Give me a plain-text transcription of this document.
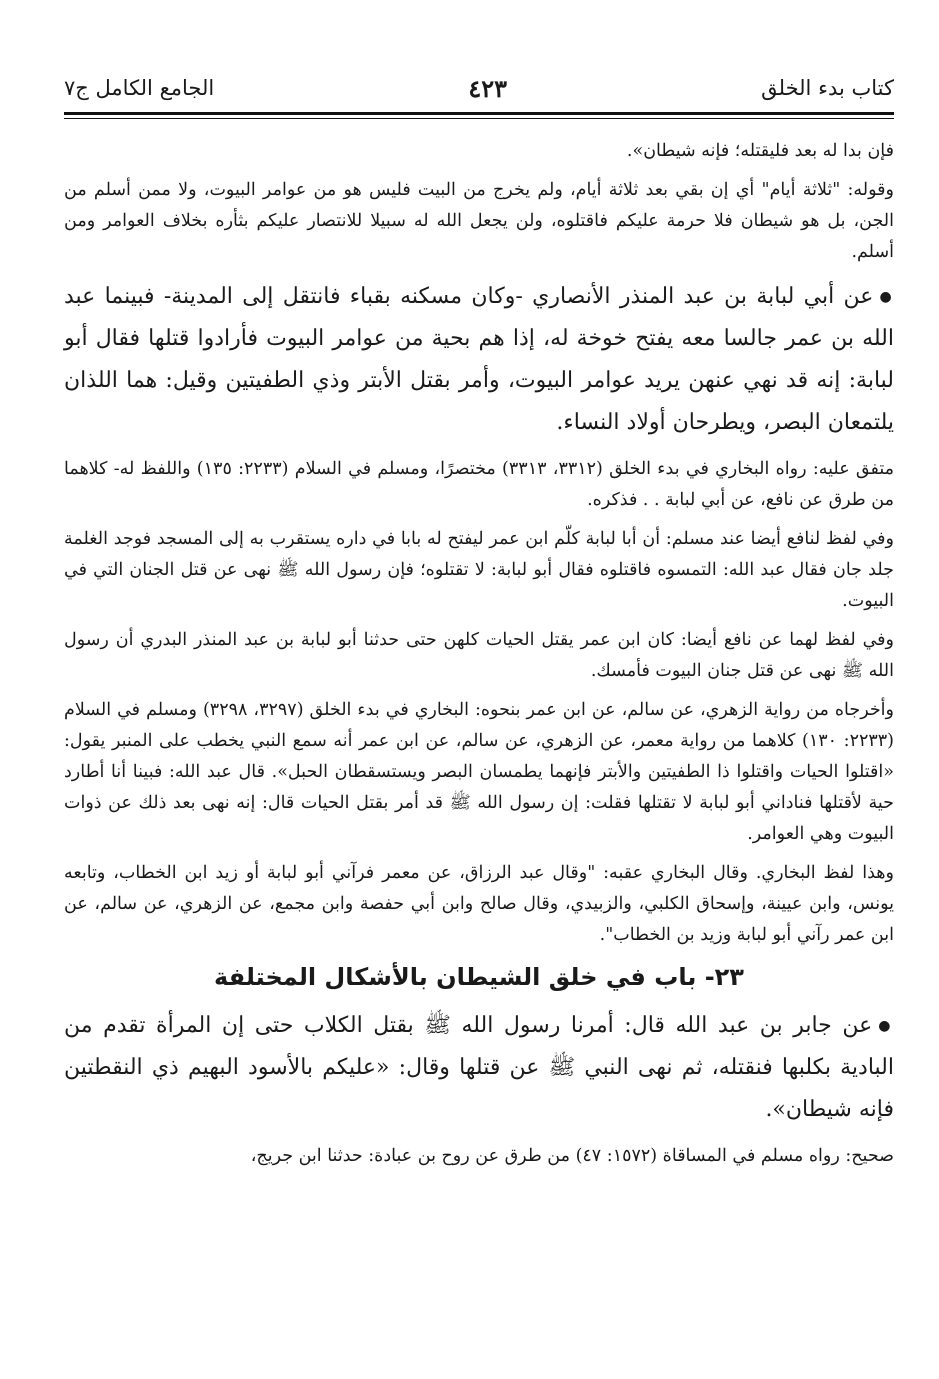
كتاب بدء الخلق
٤٢٣
الجامع الكامل ج٧

فإن بدا له بعد فليقتله؛ فإنه شيطان».

وقوله: "ثلاثة أيام" أي إن بقي بعد ثلاثة أيام، ولم يخرج من البيت فليس هو من عوامر البيوت، ولا ممن أسلم من الجن، بل هو شيطان فلا حرمة عليكم فاقتلوه، ولن يجعل الله له سبيلا للانتصار عليكم بثأره بخلاف العوامر ومن أسلم.

●عن أبي لبابة بن عبد المنذر الأنصاري -وكان مسكنه بقباء فانتقل إلى المدينة- فبينما عبد الله بن عمر جالسا معه يفتح خوخة له، إذا هم بحية من عوامر البيوت فأرادوا قتلها فقال أبو لبابة: إنه قد نهي عنهن يريد عوامر البيوت، وأمر بقتل الأبتر وذي الطفيتين وقيل: هما اللذان يلتمعان البصر، ويطرحان أولاد النساء.

متفق عليه: رواه البخاري في بدء الخلق (٣٣١٢، ٣٣١٣) مختصرًا، ومسلم في السلام (٢٢٣٣: ١٣٥) واللفظ له- كلاهما من طرق عن نافع، عن أبي لبابة . . فذكره.

وفي لفظ لنافع أيضا عند مسلم: أن أبا لبابة كلّم ابن عمر ليفتح له بابا في داره يستقرب به إلى المسجد فوجد الغلمة جلد جان فقال عبد الله: التمسوه فاقتلوه فقال أبو لبابة: لا تقتلوه؛ فإن رسول الله ﷺ نهى عن قتل الجنان التي في البيوت.

وفي لفظ لهما عن نافع أيضا: كان ابن عمر يقتل الحيات كلهن حتى حدثنا أبو لبابة بن عبد المنذر البدري أن رسول الله ﷺ نهى عن قتل جنان البيوت فأمسك.

وأخرجاه من رواية الزهري، عن سالم، عن ابن عمر بنحوه: البخاري في بدء الخلق (٣٢٩٧، ٣٢٩٨) ومسلم في السلام (٢٢٣٣: ١٣٠) كلاهما من رواية معمر، عن الزهري، عن سالم، عن ابن عمر أنه سمع النبي يخطب على المنبر يقول: «اقتلوا الحيات واقتلوا ذا الطفيتين والأبتر فإنهما يطمسان البصر ويستسقطان الحبل». قال عبد الله: فبينا أنا أطارد حية لأقتلها فناداني أبو لبابة لا تقتلها فقلت: إن رسول الله ﷺ قد أمر بقتل الحيات قال: إنه نهى بعد ذلك عن ذوات البيوت وهي العوامر.

وهذا لفظ البخاري. وقال البخاري عقبه: "وقال عبد الرزاق، عن معمر فرآني أبو لبابة أو زيد ابن الخطاب، وتابعه يونس، وابن عيينة، وإسحاق الكلبي، والزبيدي، وقال صالح وابن أبي حفصة وابن مجمع، عن الزهري، عن سالم، عن ابن عمر رآني أبو لبابة وزيد بن الخطاب".

٢٣- باب في خلق الشيطان بالأشكال المختلفة

●عن جابر بن عبد الله قال: أمرنا رسول الله ﷺ بقتل الكلاب حتى إن المرأة تقدم من البادية بكلبها فنقتله، ثم نهى النبي ﷺ عن قتلها وقال: «عليكم بالأسود البهيم ذي النقطتين فإنه شيطان».

صحيح: رواه مسلم في المساقاة (١٥٧٢: ٤٧) من طرق عن روح بن عبادة: حدثنا ابن جريج،
